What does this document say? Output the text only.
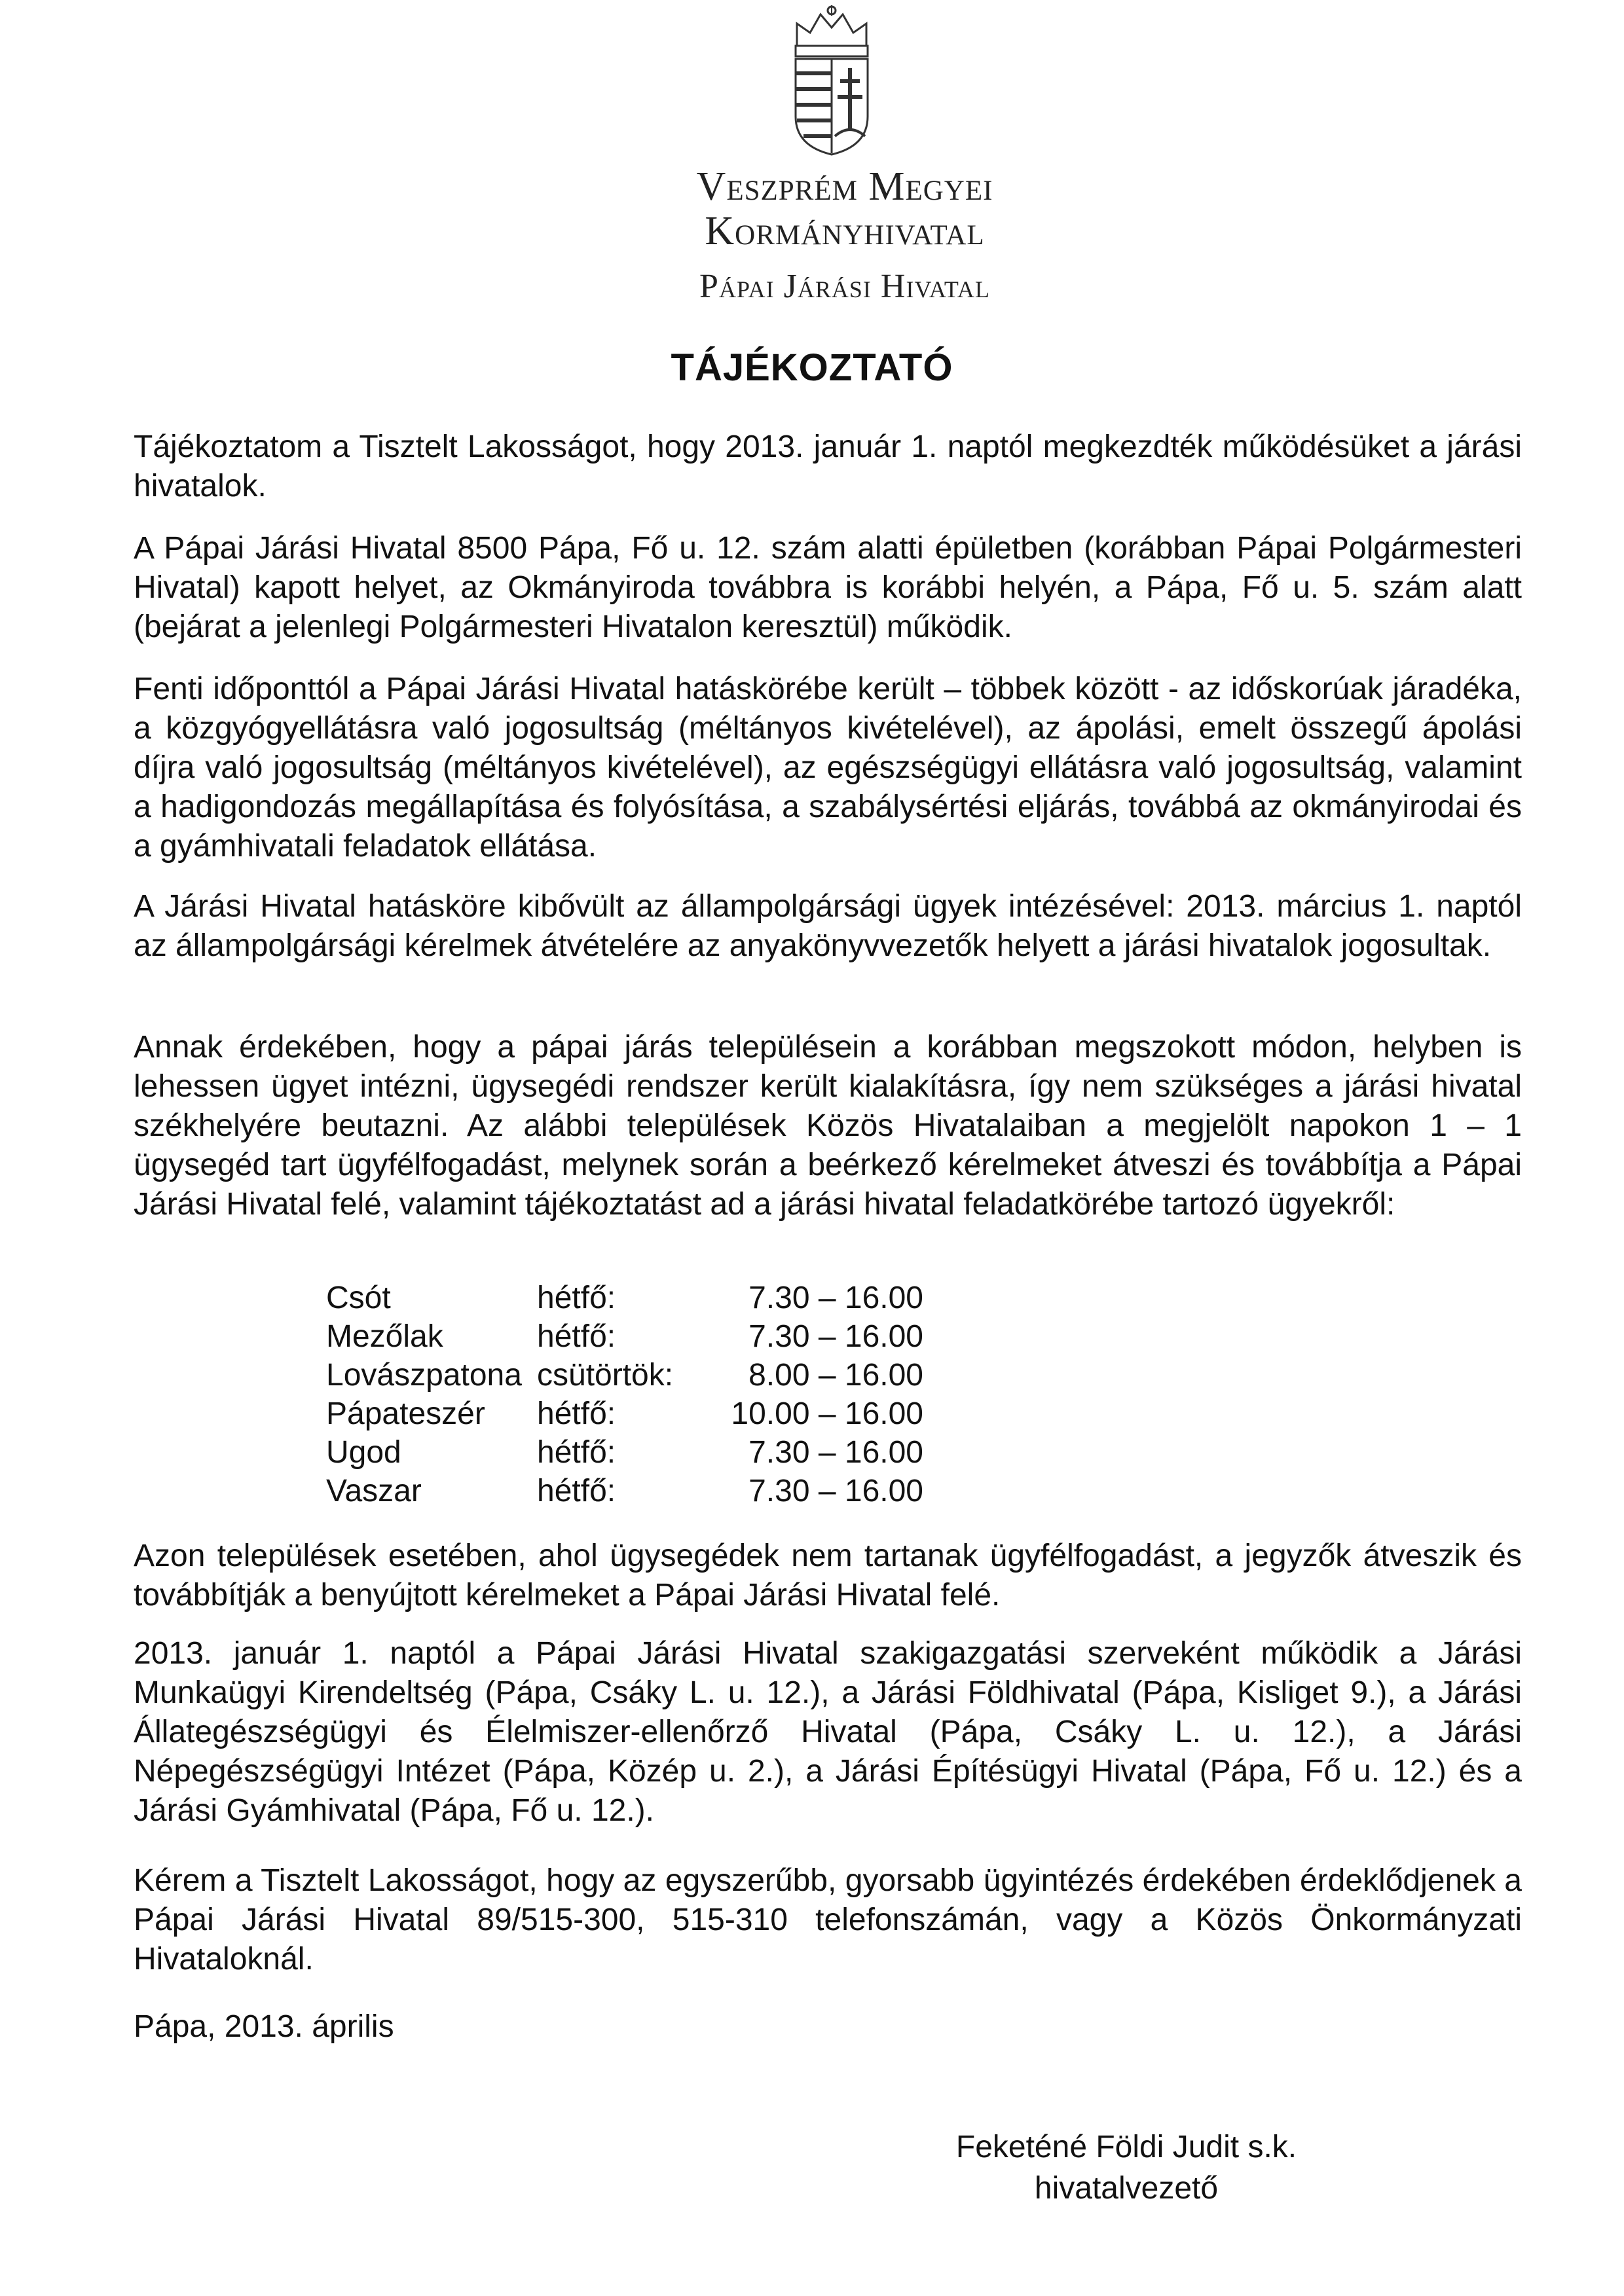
Veszprém Megyei
Kormányhivatal
Pápai Járási Hivatal
TÁJÉKOZTATÓ

Tájékoztatom a Tisztelt Lakosságot, hogy 2013. január 1. naptól megkezdték működésüket a járási hivatalok.

A Pápai Járási Hivatal 8500 Pápa, Fő u. 12. szám alatti épületben (korábban Pápai Polgármesteri Hivatal) kapott helyet, az Okmányiroda továbbra is korábbi helyén, a Pápa, Fő u. 5. szám alatt (bejárat a jelenlegi Polgármesteri Hivatalon keresztül) működik.

Fenti időponttól a Pápai Járási Hivatal hatáskörébe került – többek között - az időskorúak járadéka, a közgyógyellátásra való jogosultság (méltányos kivételével), az ápolási, emelt összegű ápolási díjra való jogosultság (méltányos kivételével), az egészségügyi ellátásra való jogosultság, valamint a hadigondozás megállapítása és folyósítása, a szabálysértési eljárás, továbbá az okmányirodai és a gyámhivatali feladatok ellátása.

A Járási Hivatal hatásköre kibővült az állampolgársági ügyek intézésével: 2013. március 1. naptól az állampolgársági kérelmek átvételére az anyakönyvvezetők helyett a járási hivatalok jogosultak.

Annak érdekében, hogy a pápai járás településein a korábban megszokott módon, helyben is lehessen ügyet intézni, ügysegédi rendszer került kialakításra, így nem szükséges a járási hivatal székhelyére beutazni. Az alábbi települések Közös Hivatalaiban a megjelölt napokon 1 – 1 ügysegéd tart ügyfélfogadást, melynek során a beérkező kérelmeket átveszi és továbbítja a Pápai Járási Hivatal felé, valamint tájékoztatást ad a járási hivatal feladatkörébe tartozó ügyekről:

Csót	hétfő:	7.30 – 16.00
Mezőlak	hétfő:	7.30 – 16.00
Lovászpatona	csütörtök:	8.00 – 16.00
Pápateszér	hétfő:	10.00 – 16.00
Ugod	hétfő:	7.30 – 16.00
Vaszar	hétfő:	7.30 – 16.00

Azon települések esetében, ahol ügysegédek nem tartanak ügyfélfogadást, a jegyzők átveszik és továbbítják a benyújtott kérelmeket a Pápai Járási Hivatal felé.

2013. január 1. naptól a Pápai Járási Hivatal szakigazgatási szerveként működik a Járási Munkaügyi Kirendeltség (Pápa, Csáky L. u. 12.), a Járási Földhivatal (Pápa, Kisliget 9.), a Járási Állategészségügyi és Élelmiszer-ellenőrző Hivatal (Pápa, Csáky L. u. 12.), a Járási Népegészségügyi Intézet (Pápa, Közép u. 2.), a Járási Építésügyi Hivatal (Pápa, Fő u. 12.) és a Járási Gyámhivatal (Pápa, Fő u. 12.).

Kérem a Tisztelt Lakosságot, hogy az egyszerűbb, gyorsabb ügyintézés érdekében érdeklődjenek a Pápai Járási Hivatal 89/515-300, 515-310 telefonszámán, vagy a Közös Önkormányzati Hivataloknál.

Pápa, 2013. április

Feketéné Földi Judit s.k.
hivatalvezető
